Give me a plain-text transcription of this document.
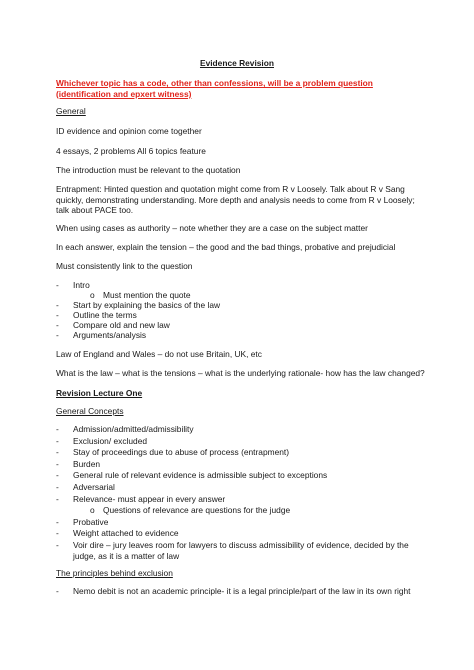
Evidence Revision
Whichever topic has a code, other than confessions, will be a problem question (identification and epxert witness)
General
ID evidence and opinion come together
4 essays, 2 problems All 6 topics feature
The introduction must be relevant to the quotation
Entrapment: Hinted question and quotation might come from R v Loosely. Talk about R v Sang quickly, demonstrating understanding. More depth and analysis needs to come from R v Loosely; talk about PACE too.
When using cases as authority – note whether they are a case on the subject matter
In each answer, explain the tension – the good and the bad things, probative and prejudicial
Must consistently link to the question
- Intro
o Must mention the quote
- Start by explaining the basics of the law
- Outline the terms
- Compare old and new law
- Arguments/analysis
Law of England and Wales – do not use Britain, UK, etc
What is the law – what is the tensions – what is the underlying rationale- how has the law changed?
Revision Lecture One
General Concepts
- Admission/admitted/admissibility
- Exclusion/ excluded
- Stay of proceedings due to abuse of process (entrapment)
- Burden
- General rule of relevant evidence is admissible subject to exceptions
- Adversarial
- Relevance- must appear in every answer
o Questions of relevance are questions for the judge
- Probative
- Weight attached to evidence
- Voir dire – jury leaves room for lawyers to discuss admissibility of evidence, decided by the judge, as it is a matter of law
The principles behind exclusion
- Nemo debit is not an academic principle- it is a legal principle/part of the law in its own right
